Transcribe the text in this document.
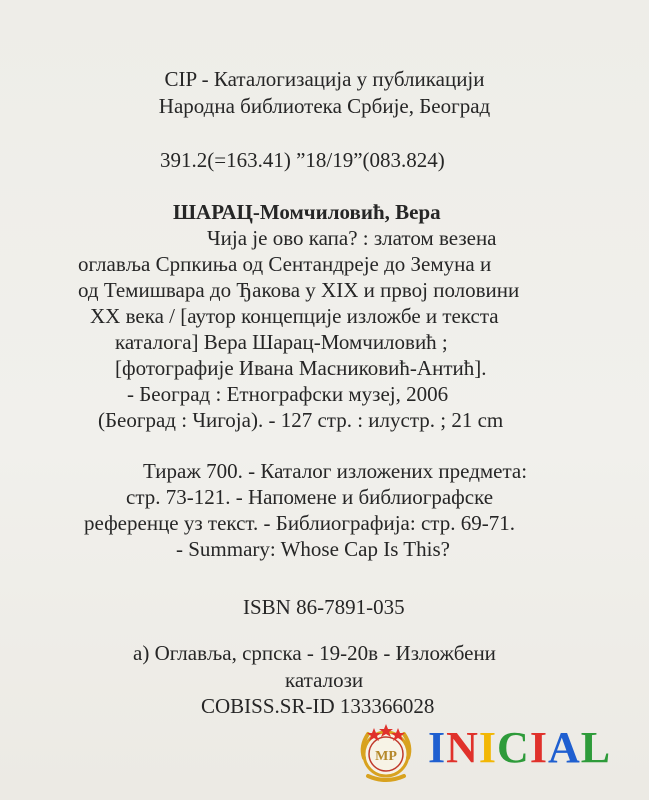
CIP - Каталогизација у публикацији
Народна библиотека Србије, Београд
391.2(=163.41) ”18/19”(083.824)
ШАРАЦ-Момчиловић, Вера
Чија је ово капа? : златом везена
оглавља Српкиња од Сентандреје до Земуна и
од Темишвара до Ђакова у XIX и првој половини
XX века / [аутор концепције изложбе и текста
каталога] Вера Шарац-Момчиловић ;
[фотографије Ивана Масниковић-Антић].
- Београд : Етнографски музеј, 2006
(Београд : Чигоја). - 127 стр. : илустр. ; 21 cm
Тираж 700. - Каталог изложених предмета:
стр. 73-121. - Напомене и библиографске
референце уз текст. - Библиографија: стр. 69-71.
- Summary: Whose Cap Is This?
ISBN 86-7891-035
а) Оглавља, српска - 19-20в - Изложбени
каталози
COBISS.SR-ID 133366028
MP INICIAL
